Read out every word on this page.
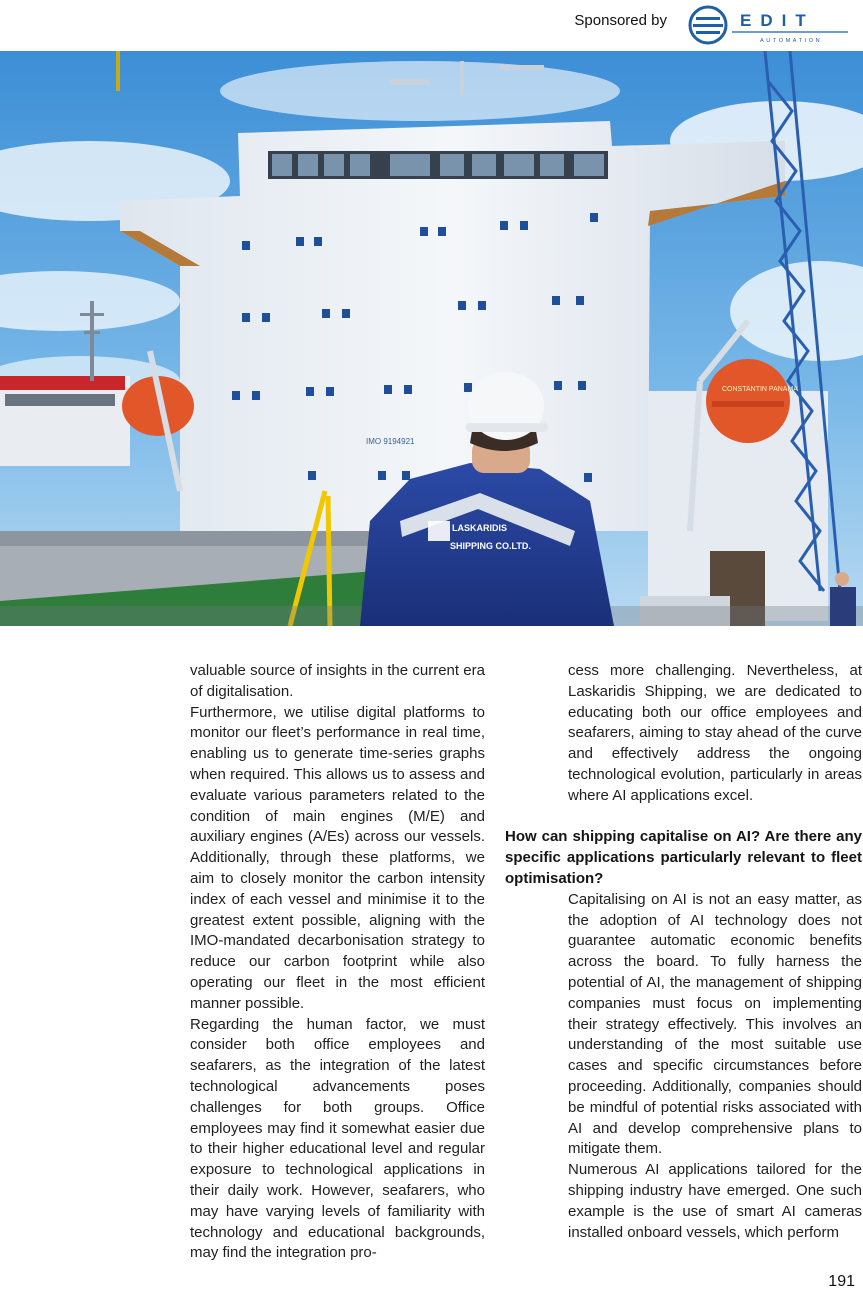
Sponsored by	EDIT
AUTOMATION
IMO 9194921
CONSTANTIN PANAMA
LASKARIDIS
SHIPPING CO.LTD.

valuable source of insights in the current era of digitalisation.

Furthermore, we utilise digital platforms to monitor our fleet’s performance in real time, enabling us to generate time-series graphs when required. This allows us to assess and evaluate various parameters related to the condition of main engines (M/E) and auxiliary engines (A/Es) across our vessels. Additionally, through these platforms, we aim to closely monitor the carbon intensity index of each vessel and minimise it to the greatest extent possible, aligning with the IMO-mandated decarbonisation strategy to reduce our carbon footprint while also operating our fleet in the most efficient manner possible.

Regarding the human factor, we must consider both office employees and seafarers, as the integration of the latest technological advancements poses challenges for both groups. Office employees may find it somewhat easier due to their higher educational level and regular exposure to technological applications in their daily work. However, seafarers, who may have varying levels of familiarity with technology and educational backgrounds, may find the integration pro-

cess more challenging. Nevertheless, at Laskaridis Shipping, we are dedicated to educating both our office employees and seafarers, aiming to stay ahead of the curve and effectively address the ongoing technological evolution, particularly in areas where AI applications excel.

How can shipping capitalise on AI? Are there any specific applications particularly relevant to fleet optimisation?

Capitalising on AI is not an easy matter, as the adoption of AI technology does not guarantee automatic economic benefits across the board. To fully harness the potential of AI, the management of shipping companies must focus on implementing their strategy effectively. This involves an understanding of the most suitable use cases and specific circumstances before proceeding. Additionally, companies should be mindful of potential risks associated with AI and develop comprehensive plans to mitigate them.

Numerous AI applications tailored for the shipping industry have emerged. One such example is the use of smart AI cameras installed onboard vessels, which perform

191
